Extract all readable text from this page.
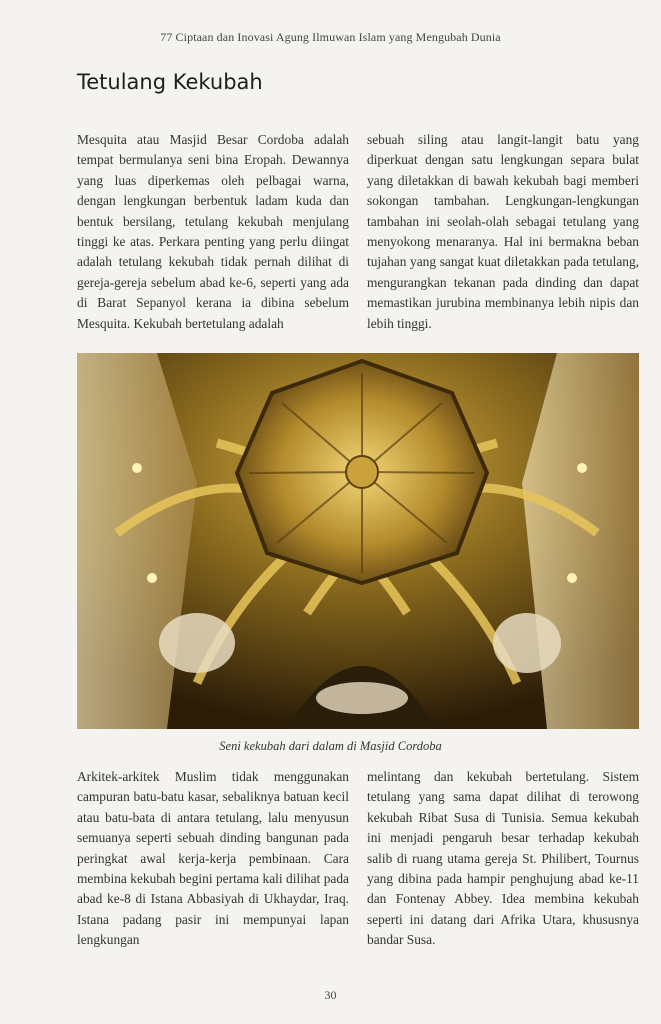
77 Ciptaan dan Inovasi Agung Ilmuwan Islam yang Mengubah Dunia
Tetulang Kekubah

Mesquita atau Masjid Besar Cordoba adalah tempat bermulanya seni bina Eropah. Dewannya yang luas diperkemas oleh pelbagai warna, dengan lengkungan berbentuk ladam kuda dan bentuk bersilang, tetulang kekubah menjulang tinggi ke atas. Perkara penting yang perlu diingat adalah tetulang kekubah tidak pernah dilihat di gereja-gereja sebelum abad ke-6, seperti yang ada di Barat Sepanyol kerana ia dibina sebelum Mesquita. Kekubah bertetulang adalah

sebuah siling atau langit-langit batu yang diperkuat dengan satu lengkungan separa bulat yang diletakkan di bawah kekubah bagi memberi sokongan tambahan. Lengkungan-lengkungan tambahan ini seolah-olah sebagai tetulang yang menyokong menaranya. Hal ini bermakna beban tujahan yang sangat kuat diletakkan pada tetulang, mengurangkan tekanan pada dinding dan dapat memastikan jurubina membinanya lebih nipis dan lebih tinggi.

Seni kekubah dari dalam di Masjid Cordoba

Arkitek-arkitek Muslim tidak menggunakan campuran batu-batu kasar, sebaliknya batuan kecil atau batu-bata di antara tetulang, lalu menyusun semuanya seperti sebuah dinding bangunan pada peringkat awal kerja-kerja pembinaan. Cara membina kekubah begini pertama kali dilihat pada abad ke-8 di Istana Abbasiyah di Ukhaydar, Iraq. Istana padang pasir ini mempunyai lapan lengkungan

melintang dan kekubah bertetulang. Sistem tetulang yang sama dapat dilihat di terowong kekubah Ribat Susa di Tunisia. Semua kekubah ini menjadi pengaruh besar terhadap kekubah salib di ruang utama gereja St. Philibert, Tournus yang dibina pada hampir penghujung abad ke-11 dan Fontenay Abbey. Idea membina kekubah seperti ini datang dari Afrika Utara, khususnya bandar Susa.

30
